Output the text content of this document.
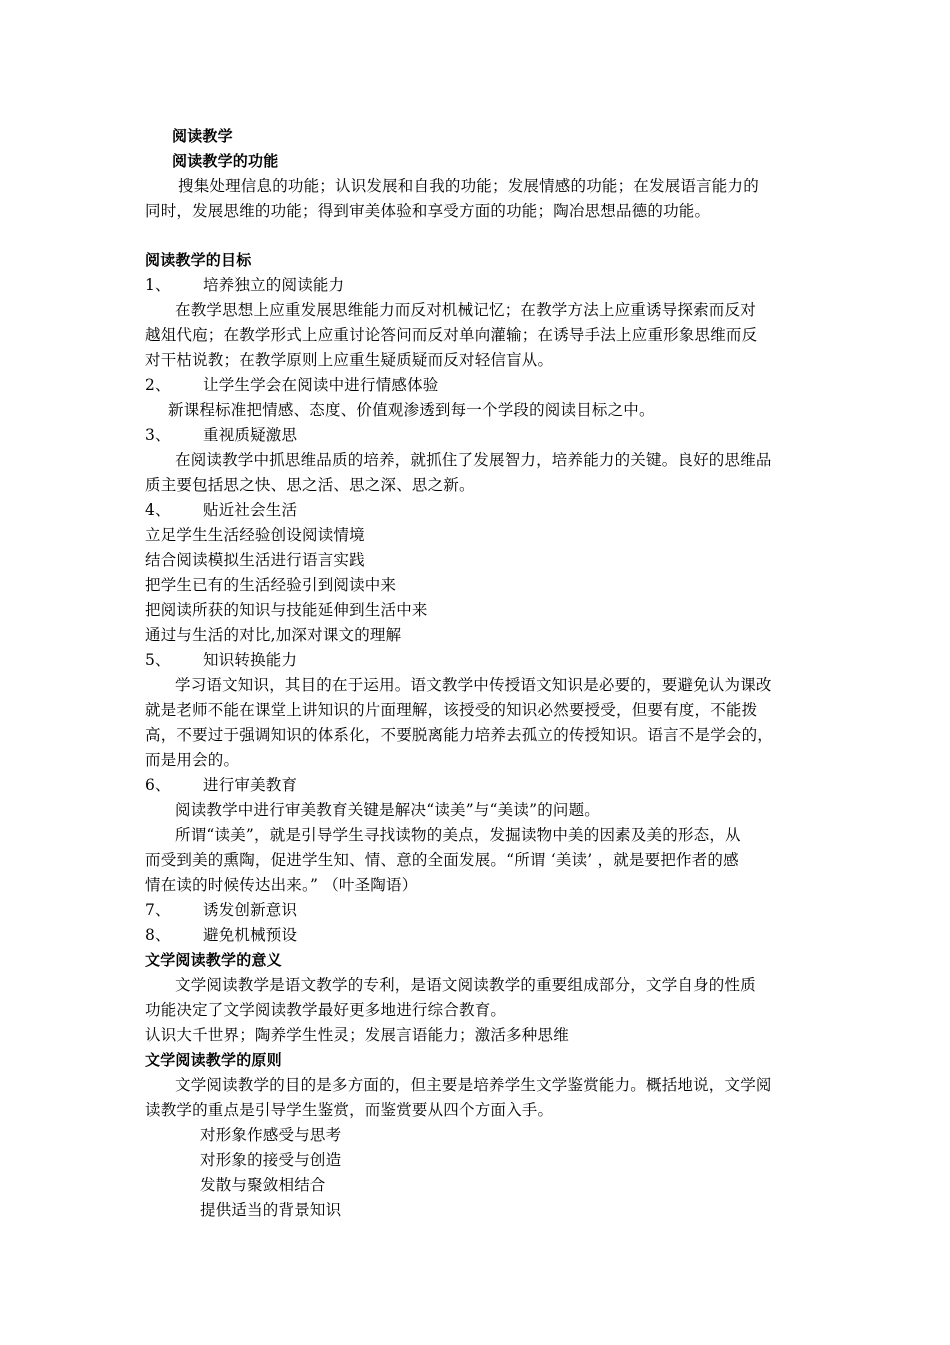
阅读教学
阅读教学的功能
搜集处理信息的功能；认识发展和自我的功能；发展情感的功能；在发展语言能力的
同时，发展思维的功能；得到审美体验和享受方面的功能；陶冶思想品德的功能。
阅读教学的目标
1、 培养独立的阅读能力
在教学思想上应重发展思维能力而反对机械记忆；在教学方法上应重诱导探索而反对
越俎代庖；在教学形式上应重讨论答问而反对单向灌输；在诱导手法上应重形象思维而反
对干枯说教；在教学原则上应重生疑质疑而反对轻信盲从。
2、 让学生学会在阅读中进行情感体验
新课程标准把情感、态度、价值观渗透到每一个学段的阅读目标之中。
3、 重视质疑激思
在阅读教学中抓思维品质的培养，就抓住了发展智力，培养能力的关键。良好的思维品
质主要包括思之快、思之活、思之深、思之新。
4、 贴近社会生活
立足学生生活经验创设阅读情境
结合阅读模拟生活进行语言实践
把学生已有的生活经验引到阅读中来
把阅读所获的知识与技能延伸到生活中来
通过与生活的对比,加深对课文的理解
5、 知识转换能力
学习语文知识，其目的在于运用。语文教学中传授语文知识是必要的，要避免认为课改
就是老师不能在课堂上讲知识的片面理解，该授受的知识必然要授受，但要有度，不能拨
高，不要过于强调知识的体系化，不要脱离能力培养去孤立的传授知识。语言不是学会的，
而是用会的。
6、 进行审美教育
阅读教学中进行审美教育关键是解决“读美”与“美读”的问题。
所谓“读美”，就是引导学生寻找读物的美点，发掘读物中美的因素及美的形态，从
而受到美的熏陶，促进学生知、情、意的全面发展。“所谓 ‘美读’ ，就是要把作者的感
情在读的时候传达出来。” （叶圣陶语）
7、 诱发创新意识
8、 避免机械预设
文学阅读教学的意义
文学阅读教学是语文教学的专利，是语文阅读教学的重要组成部分，文学自身的性质
功能决定了文学阅读教学最好更多地进行综合教育。
认识大千世界；陶养学生性灵；发展言语能力；激活多种思维
文学阅读教学的原则
文学阅读教学的目的是多方面的，但主要是培养学生文学鉴赏能力。概括地说，文学阅
读教学的重点是引导学生鉴赏，而鉴赏要从四个方面入手。
对形象作感受与思考
对形象的接受与创造
发散与聚敛相结合
提供适当的背景知识
